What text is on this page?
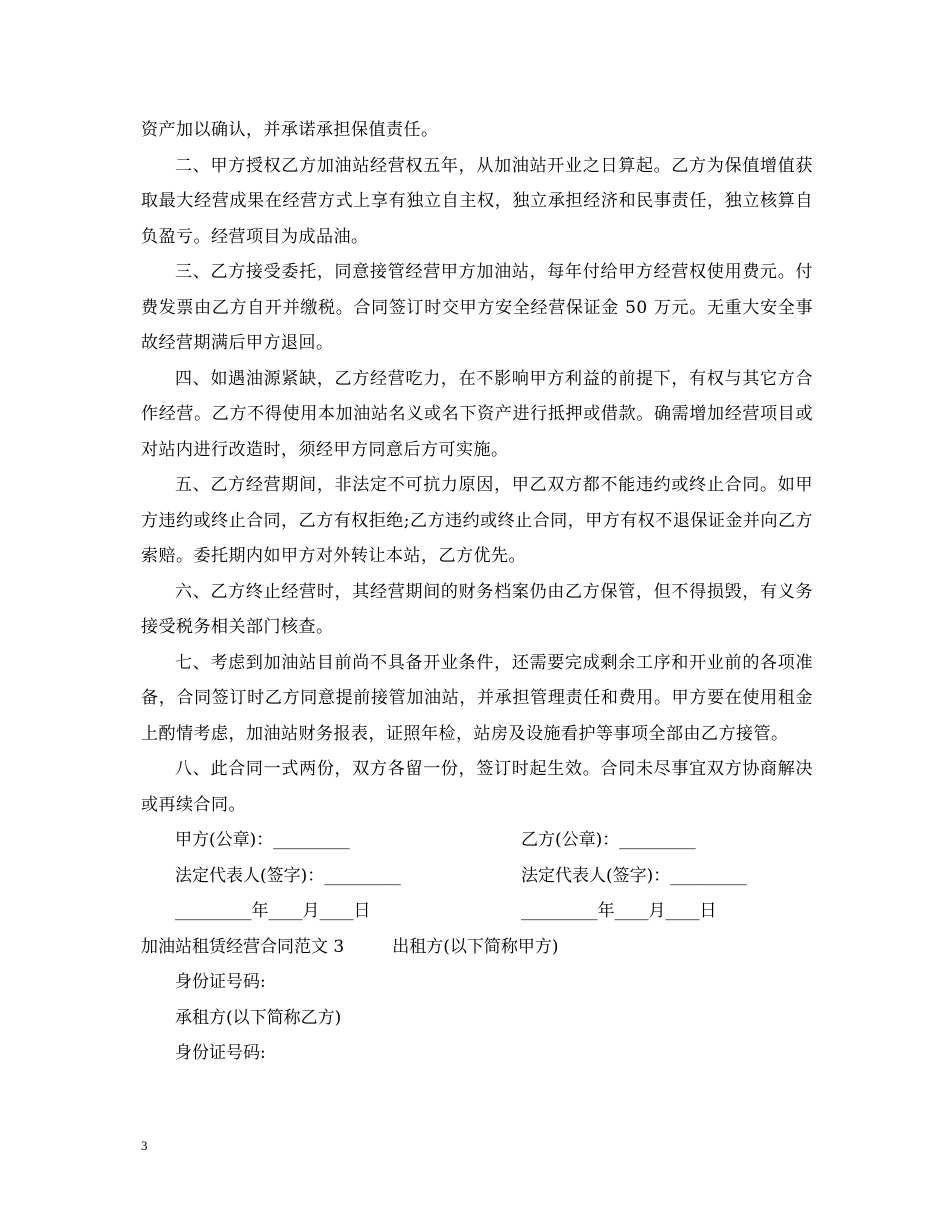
资产加以确认，并承诺承担保值责任。

二、甲方授权乙方加油站经营权五年，从加油站开业之日算起。乙方为保值增值获取最大经营成果在经营方式上享有独立自主权，独立承担经济和民事责任，独立核算自负盈亏。经营项目为成品油。

三、乙方接受委托，同意接管经营甲方加油站，每年付给甲方经营权使用费元。付费发票由乙方自开并缴税。合同签订时交甲方安全经营保证金 50 万元。无重大安全事故经营期满后甲方退回。

四、如遇油源紧缺，乙方经营吃力，在不影响甲方利益的前提下，有权与其它方合作经营。乙方不得使用本加油站名义或名下资产进行抵押或借款。确需增加经营项目或对站内进行改造时，须经甲方同意后方可实施。

五、乙方经营期间，非法定不可抗力原因，甲乙双方都不能违约或终止合同。如甲方违约或终止合同，乙方有权拒绝;乙方违约或终止合同，甲方有权不退保证金并向乙方索赔。委托期内如甲方对外转让本站，乙方优先。

六、乙方终止经营时，其经营期间的财务档案仍由乙方保管，但不得损毁，有义务接受税务相关部门核查。

七、考虑到加油站目前尚不具备开业条件，还需要完成剩余工序和开业前的各项准备，合同签订时乙方同意提前接管加油站，并承担管理责任和费用。甲方要在使用租金上酌情考虑，加油站财务报表，证照年检，站房及设施看护等事项全部由乙方接管。

八、此合同一式两份，双方各留一份，签订时起生效。合同未尽事宜双方协商解决或再续合同。

甲方(公章)：_________	乙方(公章)：_________
法定代表人(签字)：_________	法定代表人(签字)：_________
_________年____月____日	_________年____月____日

加油站租赁经营合同范文 3	出租方(以下简称甲方)

身份证号码:

承租方(以下简称乙方)

身份证号码:

3
